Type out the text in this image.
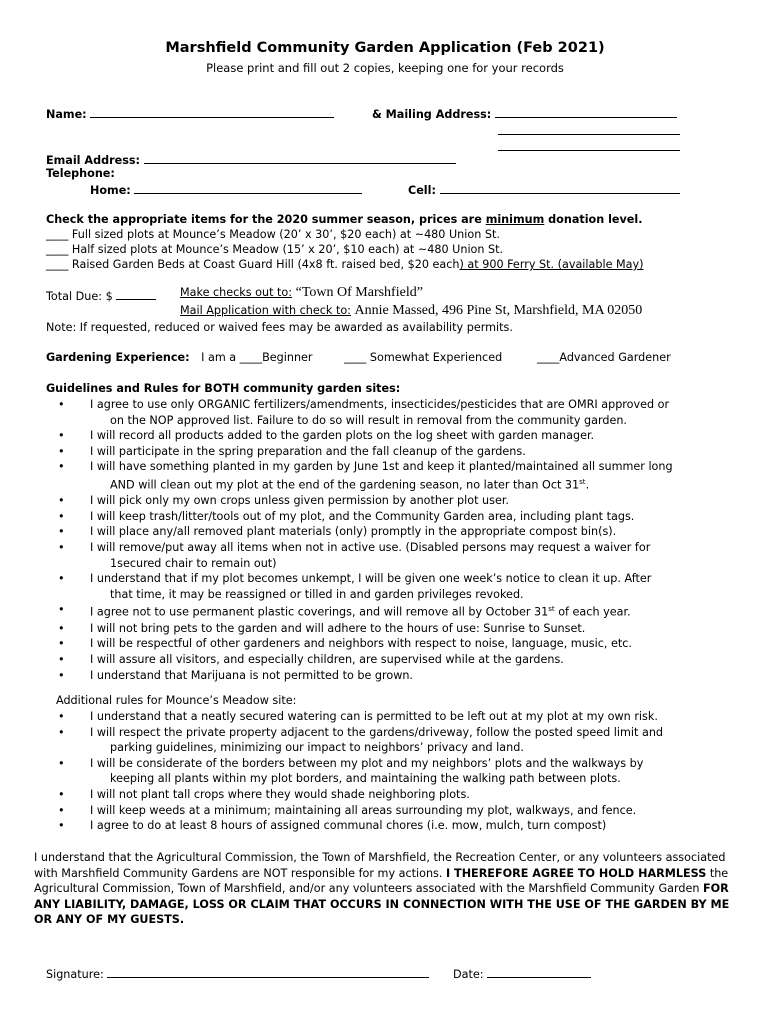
Marshfield Community Garden Application (Feb 2021)
Please print and fill out 2 copies, keeping one for your records
Name:	& Mailing Address:
Email Address:
Telephone:
Home:	Cell:
Check the appropriate items for the 2020 summer season, prices are minimum donation level.
____ Full sized plots at Mounce’s Meadow (20’ x 30’, $20 each) at ~480 Union St.
____ Half sized plots at Mounce’s Meadow (15’ x 20’, $10 each) at ~480 Union St.
____ Raised Garden Beds at Coast Guard Hill (4x8 ft. raised bed, $20 each) at 900 Ferry St. (available May)
Total Due: $	Make checks out to: “Town Of Marshfield”
Mail Application with check to: Annie Massed, 496 Pine St, Marshfield, MA 02050
Note: If requested, reduced or waived fees may be awarded as availability permits.
Gardening Experience: I am a ____Beginner	____ Somewhat Experienced	____Advanced Gardener
Guidelines and Rules for BOTH community garden sites:
• I agree to use only ORGANIC fertilizers/amendments, insecticides/pesticides that are OMRI approved or
on the NOP approved list. Failure to do so will result in removal from the community garden.
• I will record all products added to the garden plots on the log sheet with garden manager.
• I will participate in the spring preparation and the fall cleanup of the gardens.
• I will have something planted in my garden by June 1st and keep it planted/maintained all summer long
AND will clean out my plot at the end of the gardening season, no later than Oct 31st.
• I will pick only my own crops unless given permission by another plot user.
• I will keep trash/litter/tools out of my plot, and the Community Garden area, including plant tags.
• I will place any/all removed plant materials (only) promptly in the appropriate compost bin(s).
• I will remove/put away all items when not in active use. (Disabled persons may request a waiver for
1secured chair to remain out)
• I understand that if my plot becomes unkempt, I will be given one week’s notice to clean it up. After
that time, it may be reassigned or tilled in and garden privileges revoked.
• I agree not to use permanent plastic coverings, and will remove all by October 31st of each year.
• I will not bring pets to the garden and will adhere to the hours of use: Sunrise to Sunset.
• I will be respectful of other gardeners and neighbors with respect to noise, language, music, etc.
• I will assure all visitors, and especially children, are supervised while at the gardens.
• I understand that Marijuana is not permitted to be grown.
Additional rules for Mounce’s Meadow site:
• I understand that a neatly secured watering can is permitted to be left out at my plot at my own risk.
• I will respect the private property adjacent to the gardens/driveway, follow the posted speed limit and
parking guidelines, minimizing our impact to neighbors’ privacy and land.
• I will be considerate of the borders between my plot and my neighbors’ plots and the walkways by
keeping all plants within my plot borders, and maintaining the walking path between plots.
• I will not plant tall crops where they would shade neighboring plots.
• I will keep weeds at a minimum; maintaining all areas surrounding my plot, walkways, and fence.
• I agree to do at least 8 hours of assigned communal chores (i.e. mow, mulch, turn compost)
I understand that the Agricultural Commission, the Town of Marshfield, the Recreation Center, or any volunteers associated with Marshfield Community Gardens are NOT responsible for my actions. I THEREFORE AGREE TO HOLD HARMLESS the Agricultural Commission, Town of Marshfield, and/or any volunteers associated with the Marshfield Community Garden FOR ANY LIABILITY, DAMAGE, LOSS OR CLAIM THAT OCCURS IN CONNECTION WITH THE USE OF THE GARDEN BY ME OR ANY OF MY GUESTS.
Signature:	Date:
